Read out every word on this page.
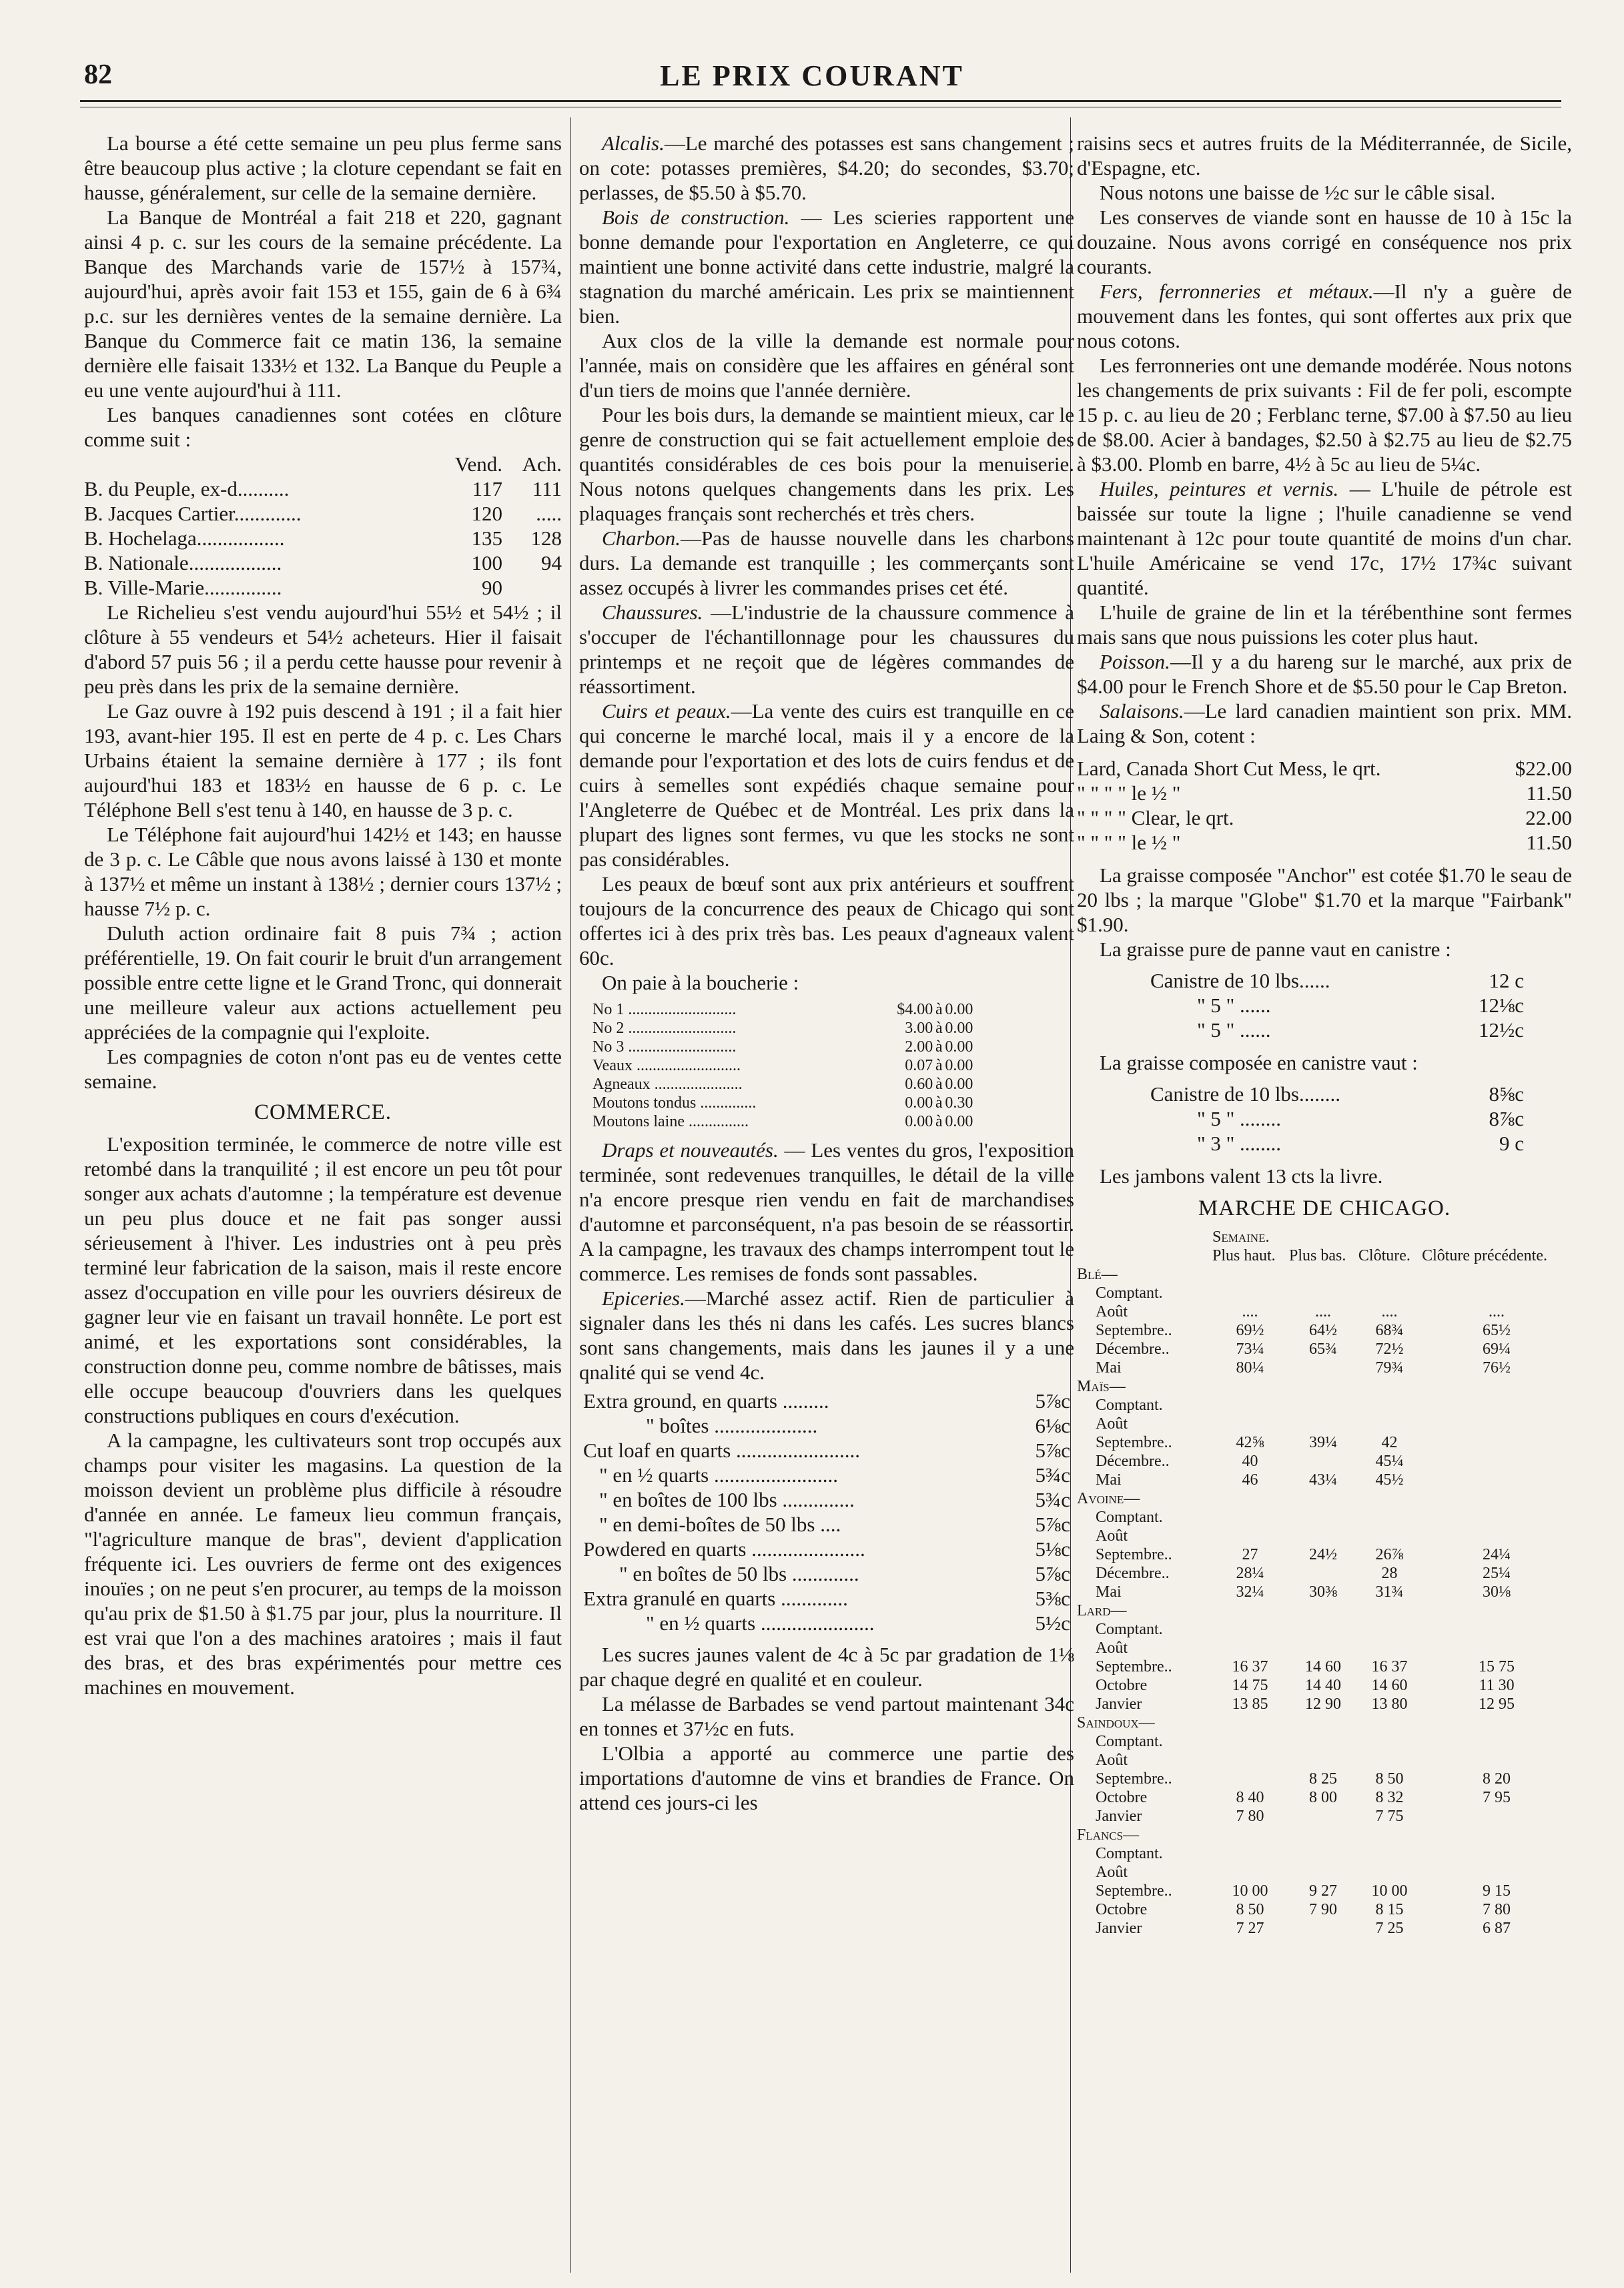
82	LE PRIX COURANT

La bourse a été cette semaine un peu plus ferme sans être beaucoup plus active ; la cloture cependant se fait en hausse, généralement, sur celle de la semaine dernière.

La Banque de Montréal a fait 218 et 220, gagnant ainsi 4 p. c. sur les cours de la semaine précédente. La Banque des Marchands varie de 157½ à 157¾, aujourd'hui, après avoir fait 153 et 155, gain de 6 à 6¾ p.c. sur les dernières ventes de la semaine dernière. La Banque du Commerce fait ce matin 136, la semaine dernière elle faisait 133½ et 132. La Banque du Peuple a eu une vente aujourd'hui à 111.

Les banques canadiennes sont cotées en clôture comme suit :

	Vend.	Ach.
B. du Peuple, ex-d..........	117	111
B. Jacques Cartier.............	120	.....
B. Hochelaga.................	135	128
B. Nationale..................	100	94
B. Ville-Marie...............	90	

Le Richelieu s'est vendu aujourd'hui 55½ et 54½ ; il clôture à 55 vendeurs et 54½ acheteurs. Hier il faisait d'abord 57 puis 56 ; il a perdu cette hausse pour revenir à peu près dans les prix de la semaine dernière.

Le Gaz ouvre à 192 puis descend à 191 ; il a fait hier 193, avant-hier 195. Il est en perte de 4 p. c. Les Chars Urbains étaient la semaine dernière à 177 ; ils font aujourd'hui 183 et 183½ en hausse de 6 p. c. Le Téléphone Bell s'est tenu à 140, en hausse de 3 p. c.

Le Téléphone fait aujourd'hui 142½ et 143; en hausse de 3 p. c. Le Câble que nous avons laissé à 130 et monte à 137½ et même un instant à 138½ ; dernier cours 137½ ; hausse 7½ p. c.

Duluth action ordinaire fait 8 puis 7¾ ; action préférentielle, 19. On fait courir le bruit d'un arrangement possible entre cette ligne et le Grand Tronc, qui donnerait une meilleure valeur aux actions actuellement peu appréciées de la compagnie qui l'exploite.

Les compagnies de coton n'ont pas eu de ventes cette semaine.

COMMERCE.

L'exposition terminée, le commerce de notre ville est retombé dans la tranquilité ; il est encore un peu tôt pour songer aux achats d'automne ; la température est devenue un peu plus douce et ne fait pas songer aussi sérieusement à l'hiver. Les industries ont à peu près terminé leur fabrication de la saison, mais il reste encore assez d'occupation en ville pour les ouvriers désireux de gagner leur vie en faisant un travail honnête. Le port est animé, et les exportations sont considérables, la construction donne peu, comme nombre de bâtisses, mais elle occupe beaucoup d'ouvriers dans les quelques constructions publiques en cours d'exécution.

A la campagne, les cultivateurs sont trop occupés aux champs pour visiter les magasins. La question de la moisson devient un problème plus difficile à résoudre d'année en année. Le fameux lieu commun français, "l'agriculture manque de bras", devient d'application fréquente ici. Les ouvriers de ferme ont des exigences inouïes ; on ne peut s'en procurer, au temps de la moisson qu'au prix de $1.50 à $1.75 par jour, plus la nourriture. Il est vrai que l'on a des machines aratoires ; mais il faut des bras, et des bras expérimentés pour mettre ces machines en mouvement.

Alcalis.—Le marché des potasses est sans changement ; on cote: potasses premières, $4.20; do secondes, $3.70; perlasses, de $5.50 à $5.70.

Bois de construction. — Les scieries rapportent une bonne demande pour l'exportation en Angleterre, ce qui maintient une bonne activité dans cette industrie, malgré la stagnation du marché américain. Les prix se maintiennent bien.

Aux clos de la ville la demande est normale pour l'année, mais on considère que les affaires en général sont d'un tiers de moins que l'année dernière.

Pour les bois durs, la demande se maintient mieux, car le genre de construction qui se fait actuellement emploie des quantités considérables de ces bois pour la menuiserie. Nous notons quelques changements dans les prix. Les plaquages français sont recherchés et très chers.

Charbon.—Pas de hausse nouvelle dans les charbons durs. La demande est tranquille ; les commerçants sont assez occupés à livrer les commandes prises cet été.

Chaussures. —L'industrie de la chaussure commence à s'occuper de l'échantillonnage pour les chaussures du printemps et ne reçoit que de légères commandes de réassortiment.

Cuirs et peaux.—La vente des cuirs est tranquille en ce qui concerne le marché local, mais il y a encore de la demande pour l'exportation et des lots de cuirs fendus et de cuirs à semelles sont expédiés chaque semaine pour l'Angleterre de Québec et de Montréal. Les prix dans la plupart des lignes sont fermes, vu que les stocks ne sont pas considérables.

Les peaux de bœuf sont aux prix antérieurs et souffrent toujours de la concurrence des peaux de Chicago qui sont offertes ici à des prix très bas. Les peaux d'agneaux valent 60c.

On paie à la boucherie :

No 1 ...........................	$4.00	à	0.00
No 2 ...........................	3.00	à	0.00
No 3 ...........................	2.00	à	0.00
Veaux ..........................	0.07	à	0.00
Agneaux ......................	0.60	à	0.00
Moutons tondus ..............	0.00	à	0.30
Moutons laine ...............	0.00	à	0.00

Draps et nouveautés. — Les ventes du gros, l'exposition terminée, sont redevenues tranquilles, le détail de la ville n'a encore presque rien vendu en fait de marchandises d'automne et parconséquent, n'a pas besoin de se réassortir. A la campagne, les travaux des champs interrompent tout le commerce. Les remises de fonds sont passables.

Epiceries.—Marché assez actif. Rien de particulier à signaler dans les thés ni dans les cafés. Les sucres blancs sont sans changements, mais dans les jaunes il y a une qnalité qui se vend 4c.

Extra ground, en quarts .........	5⅞c
" boîtes ....................	6⅛c
Cut loaf en quarts ........................	5⅞c
" en ½ quarts ........................	5¾c
" en boîtes de 100 lbs ..............	5¾c
" en demi-boîtes de 50 lbs ....	5⅞c
Powdered en quarts ......................	5⅛c
" en boîtes de 50 lbs .............	5⅞c
Extra granulé en quarts .............	5⅜c
" en ½ quarts ......................	5½c

Les sucres jaunes valent de 4c à 5c par gradation de 1⅛ par chaque degré en qualité et en couleur.

La mélasse de Barbades se vend partout maintenant 34c en tonnes et 37½c en futs.

L'Olbia a apporté au commerce une partie des importations d'automne de vins et brandies de France. On attend ces jours-ci les

raisins secs et autres fruits de la Méditerrannée, de Sicile, d'Espagne, etc.

Nous notons une baisse de ½c sur le câble sisal.

Les conserves de viande sont en hausse de 10 à 15c la douzaine. Nous avons corrigé en conséquence nos prix courants.

Fers, ferronneries et métaux.—Il n'y a guère de mouvement dans les fontes, qui sont offertes aux prix que nous cotons.

Les ferronneries ont une demande modérée. Nous notons les changements de prix suivants : Fil de fer poli, escompte 15 p. c. au lieu de 20 ; Ferblanc terne, $7.00 à $7.50 au lieu de $8.00. Acier à bandages, $2.50 à $2.75 au lieu de $2.75 à $3.00. Plomb en barre, 4½ à 5c au lieu de 5¼c.

Huiles, peintures et vernis. — L'huile de pétrole est baissée sur toute la ligne ; l'huile canadienne se vend maintenant à 12c pour toute quantité de moins d'un char. L'huile Américaine se vend 17c, 17½ 17¾c suivant quantité.

L'huile de graine de lin et la térébenthine sont fermes mais sans que nous puissions les coter plus haut.

Poisson.—Il y a du hareng sur le marché, aux prix de $4.00 pour le French Shore et de $5.50 pour le Cap Breton.

Salaisons.—Le lard canadien maintient son prix. MM. Laing & Son, cotent :

Lard, Canada Short Cut Mess, le qrt.	$22.00
" " " " le ½ "	11.50
" " " " Clear, le qrt.	22.00
" " " " le ½ "	11.50

La graisse composée "Anchor" est cotée $1.70 le seau de 20 lbs ; la marque "Globe" $1.70 et la marque "Fairbank" $1.90.

La graisse pure de panne vaut en canistre :

Canistre de 10 lbs......	12 c
" 5 " ......	12⅛c
" 5 " ......	12½c

La graisse composée en canistre vaut :

Canistre de 10 lbs........	8⅝c
" 5 " ........	8⅞c
" 3 " ........	9 c

Les jambons valent 13 cts la livre.

MARCHE DE CHICAGO.
	Semaine.			
	Plus haut.	Plus bas.	Clôture.	Clôture précédente.
Blé—				
Comptant.				
Août	....	....	....	....
Septembre..	69½	64½	68¾	65½
Décembre..	73¼	65¾	72½	69¼
Mai	80¼		79¾	76½
Maïs—				
Comptant.				
Août				
Septembre..	42⅝	39¼	42	
Décembre..	40		45¼	
Mai	46	43¼	45½	
Avoine—				
Comptant.				
Août				
Septembre..	27	24½	26⅞	24¼
Décembre..	28¼		28	25¼
Mai	32¼	30⅜	31¾	30⅛
Lard—				
Comptant.				
Août				
Septembre..	16 37	14 60	16 37	15 75
Octobre	14 75	14 40	14 60	11 30
Janvier	13 85	12 90	13 80	12 95
Saindoux—				
Comptant.				
Août				
Septembre..		8 25	8 50	8 20
Octobre	8 40	8 00	8 32	7 95
Janvier	7 80		7 75	
Flancs—				
Comptant.				
Août				
Septembre..	10 00	9 27	10 00	9 15
Octobre	8 50	7 90	8 15	7 80
Janvier	7 27		7 25	6 87
